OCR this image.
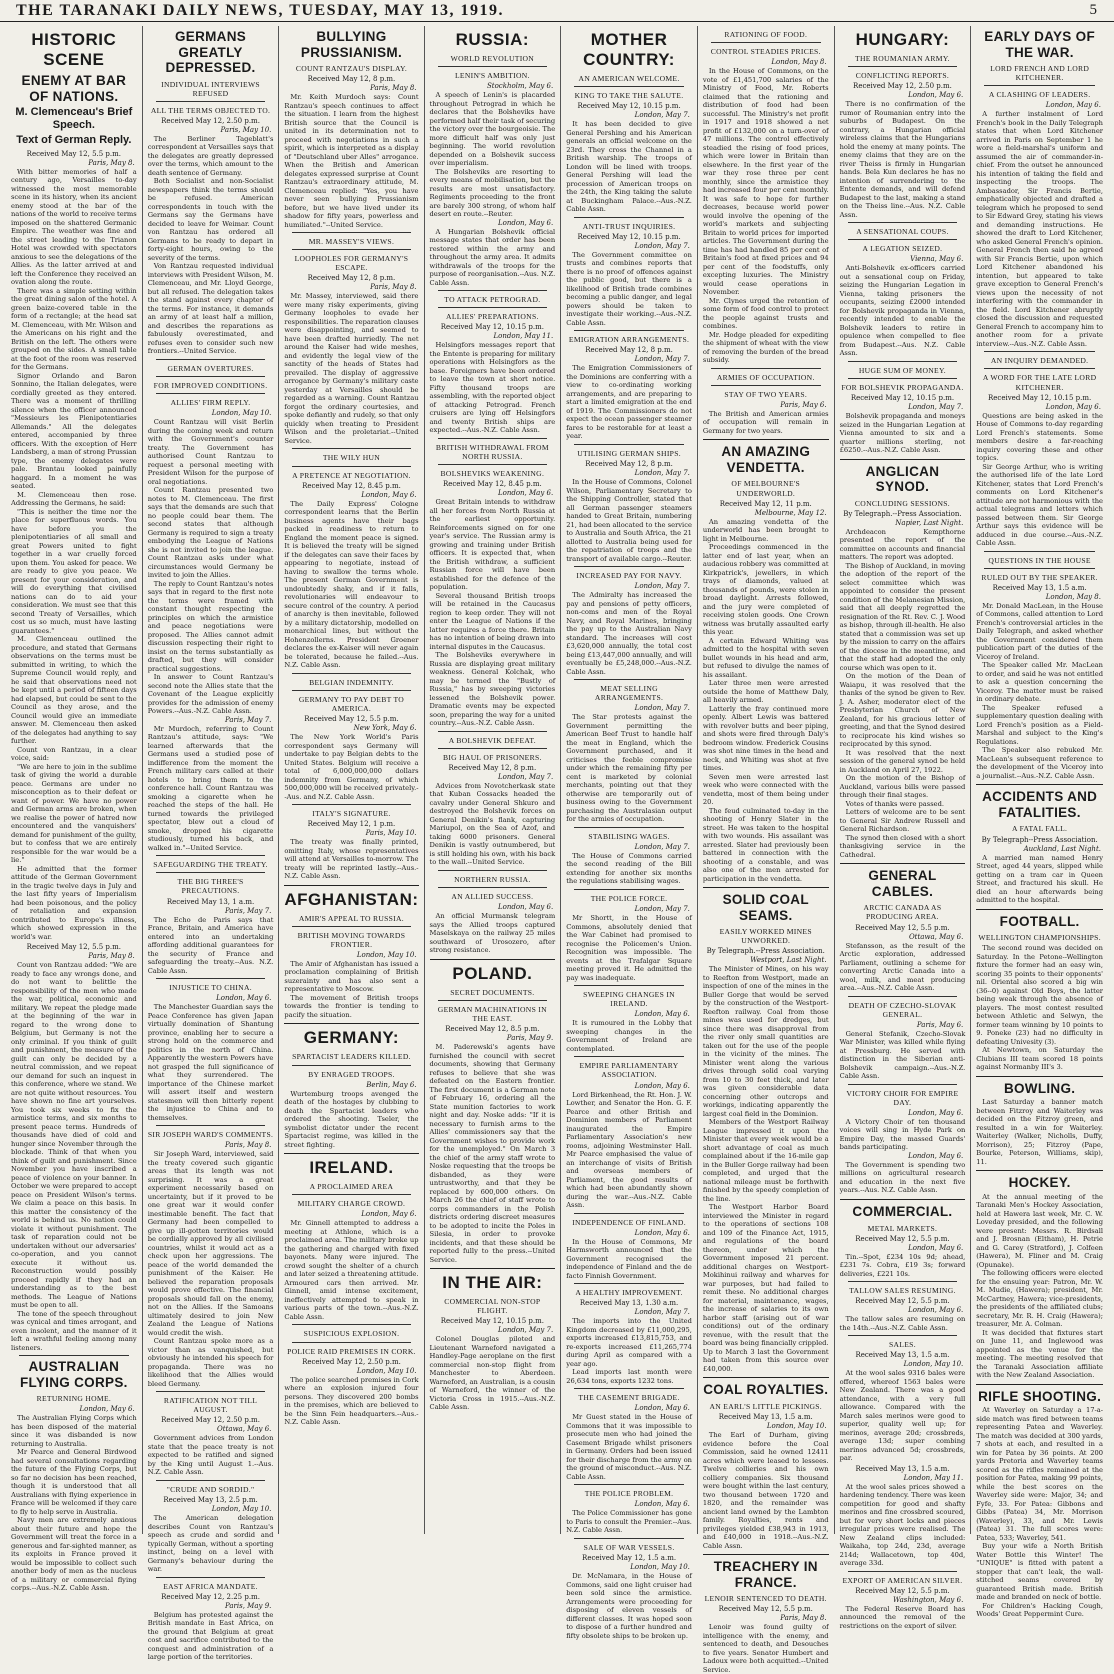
THE TARANAKI DAILY NEWS, TUESDAY, MAY 13, 1919.	5
HISTORIC SCENE
ENEMY AT BAR OF NATIONS.
M. Clemenceau's Brief Speech.
Text of German Reply.
Received May 12, 5.5 p.m.
Paris, May 8.

With bitter memories of half a century ago, Versailles to-day witnessed the most memorable scene in its history, when its ancient enemy stood at the bar of the nations of the world to receive terms imposed on the shattered Germanic Empire. The weather was fine and the street leading to the Trianon Hotel was crowded with spectators anxious to see the delegations of the Allies. As the latter arrived at and left the Conference they received an ovation along the route.

There was a simple setting within the great dining salon of the hotel. A green baize-covered table in the form of a rectangle; at the head sat M. Clemenceau, with Mr. Wilson and the Americans on his right and the British on the left. The others were grouped on the sides. A small table at the foot of the room was reserved for the Germans.

Signor Orlando and Baron Sonnino, the Italian delegates, were cordially greeted as they entered. There was a moment of thrilling silence when the officer announced "Messieurs les Plenipotentiaries Allemands." All the delegates entered, accompanied by three officers. With the exception of Herr Landsberg, a man of strong Prussian type, the enemy delegates were pale. Brantau looked painfully haggard. In a moment he was seated.

M. Clemenceau then rose. Addressing the Germans, he said:

"This is neither the time nor the place for superfluous words. You have before you the plenipotentiaries of all small and great Powers united to fight together in a war cruelly forced upon them. You asked for peace. We are ready to give you peace. We present for your consideration, and will do everything that civilised nations can do to aid your consideration. We must see that this second Treaty of Versailles, which cost us so much, must have lasting guarantees."

M. Clemenceau outlined the procedure, and stated that Germans observations on the terms must be submitted in writing, to which the Supreme Council would reply, and he said that observations need not be kept until a period of fifteen days had elapsed, but could be sent to the Council as they arose, and the Council would give an immediate answer. M. Clemenceau then asked of the delegates had anything to say further.

Count von Rantzau, in a clear voice, said:

"We are here to join in the sublime task of giving the world a durable peace. Germans are under no misconception as to their defeat or want of power. We have no power and German arms are broken, when we realise the power of hatred now encountered and the vanquishers' demand for punishment of the guilty, but to confess that we are entirely responsible for the war would be a lie."

He admitted that the former attitude of the German Government in the tragic twelve days in July and the last fifty years of Imperialism had been poisonous, and the policy of retaliation and expansion contributed to Europe's illness, which showed expression in the world's war.

Received May 12, 5.5 p.m.
Paris, May 8.

Count von Rantzau added: "We are ready to face any wrongs done, and do not want to belittle the responsibility of the men who made the war, political, economic and military. We repeat the pledge made at the beginning of the war in regard to the wrong done to Belgium, but Germany is not the only criminal. If you think of guilt and punishment, the measure of the guilt can only be decided by a neutral commission, and we repeat our demand for such an inquest in this conference, where we stand. We are not quite without resources. You have shown no fine art yourselves. You took six weeks to fix the armistice terms, and six months to present peace terms. Hundreds of thousands have died of cold and hunger since November through the blockade. Think of that when you think of guilt and punishment. Since November you have inscribed a peace of violence on your banner. In October we were prepared to accept peace on President Wilson's terms. We claim a peace on this basis. In this matter the consistency of the world is behind us. No nation could violate it without punishment. The task of reparation could not be undertaken without our adversaries' co-operation, and you cannot execute it without us. Reconstruction would possibly proceed rapidly if they had an understanding as to the best methods. The League of Nations must be open to all.

The tone of the speech throughout was cynical and times arrogant, and even insolent, and the manner of it left a wrathful feeling among many listeners.

AUSTRALIAN FLYING CORPS.
RETURNING HOME.
London, May 6.

The Australian Flying Corps which has been disposed of the material since it was disbanded is now returning to Australia.

Mr Pearce and General Birdwood had several consultations regarding the future of the Flying Corps, but so far no decision has been reached, though it is understood that all Australians with flying experience in France will be welcomed if they care to fly to help serve in Australia.

Navy men are extremely anxious about their future and hope the Government will treat the force in a generous and far-sighted manner, as its exploits in France proved it would be impossible to collect such another body of men as the nucleus of a military or commercial flying corps.--Aus.-N.Z. Cable Assn.

GERMANS GREATLY DEPRESSED.
INDIVIDUAL INTERVIEWS REFUSED
ALL THE TERMS OBJECTED TO.
Received May 12, 2.50 p.m.
Paris, May 10.

The Berliner Tageblatt's correspondent at Versailles says that the delegates are greatly depressed over the terms, which amount to the death sentence of Germany.

Both Socialist and non-Socialist newspapers think the terms should be refused. American correspondents in touch with the Germans say the Germans have decided to leave for Weimar. Count von Rantzau has ordered all Germans to be ready to depart in forty-eight hours, owing to the severity of the terms.

Von Rantzau requested individual interviews with President Wilson, M. Clemenceau, and Mr. Lloyd George, but all refused. The delegation takes the stand against every chapter of the terms. For instance, it demands an army of at least half a million, and describes the reparations as fabulously overestimated, and refuses even to consider such new frontiers.--United Service.

GERMAN OVERTURES.
FOR IMPROVED CONDITIONS.
ALLIES' FIRM REPLY.
London, May 10.

Count Rantzau will visit Berlin during the coming week and return with the Government's counter treaty. The Government has authorised Count Rantzau to request a personal meeting with President Wilson for the purpose of oral negotiations.

Count Rantzau presented two notes to M. Clemenceau. The first says that the demands are such that no people could bear them. The second states that although Germany is required to sign a treaty embodying the League of Nations she is not invited to join the league. Count Rantzau asks under what circumstances would Germany be invited to join the Allies.

The reply to Count Rantzau's notes says that in regard to the first note the terms were framed with constant thought respecting the principles on which the armistice and peace negotiations were proposed. The Allies cannot admit discussion respecting their right to insist on the terms substantially as drafted, but they will consider practical suggestions.

In answer to Count Rantzau's second note the Allies state that the Covenant of the League explicitly provides for the admission of enemy Powers.--Aus.-N.Z. Cable Assn.

Paris, May 7.

Mr Murdoch, referring to Count Rantzau's attitude, says: "We learned afterwards that the Germans used a studied pose of indifference from the moment the French military cars called at their hotels to bring them to the conference hall. Count Rantzau was smoking a cigarette when he reached the steps of the hall. He turned towards the privileged spectator, blew out a cloud of smoke, dropped his cigarette studiously, turned his back, and walked in."--United Service.

SAFEGUARDING THE TREATY.
THE BIG THREE'S PRECAUTIONS.
Received May 13, 1 a.m.
Paris, May 7.

The Echo de Paris says that France, Britain, and America have entered into an undertaking affording additional guarantees for the security of France and safeguarding the treaty.--Aus. N.Z. Cable Assn.

INJUSTICE TO CHINA.
London, May 6.

The Manchester Guardian says the Peace Conference has given Japan virtually domination of Shantung province, enabling her to secure a strong hold on the commerce and politics in the north of China. Apparently the western Powers have not grasped the full significance of what they surrendered. The importance of the Chinese market will assert itself and western statesmen will then bitterly repent the injustice to China and to themselves.

SIR JOSEPH WARD'S COMMENTS.
Paris, May 8.

Sir Joseph Ward, interviewed, said the treaty covered such gigantic areas that its length was not surprising. It was a great experiment necessarily based on uncertainty, but if it proved to be one great war it would confer inestimable benefit. The fact that Germany had been compelled to give up ill-gotten territories would be cordially approved by all civilised countries, whilst it would act as a check upon her aggressions. The peace of the world demanded the punishment of the Kaiser. He believed the reparation proposals would prove effective. The financial proposals should fall on the enemy, not on the Allies. If the Samoans ultimately desired to join New Zealand the League of Nations would credit the wish.

Count Rantzau spoke more as a victor than as vanquished, but obviously he intended his speech for propaganda. There was no likelihood that the Allies would bleed Germany.

RATIFICATION NOT TILL AUGUST.
Received May 12, 2.50 p.m.
Ottawa, May 6.

Government advices from London state that the peace treaty is not expected to be ratified and signed by the King until August 1.--Aus. N.Z. Cable Assn.

"CRUDE AND SORDID."
Received May 13, 2.5 p.m.
London, May 10.

The American delegation describes Count von Rantzau's speech as crude and sordid and typically German, without a sporting instinct, being on a level with Germany's behaviour during the war.

EAST AFRICA MANDATE.
Received May 12, 2.25 p.m.
Paris, May 9.

Belgium has protested against the British mandate in East Africa, on the ground that Belgium at great cost and sacrifice contributed to the conquest and administration of a large portion of the territories.

BULLYING PRUSSIANISM.
COUNT RANTZAU'S DISPLAY.
Received May 12, 8 p.m.
Paris, May 8.

Mr. Keith Murdoch says: Count Rantzau's speech continues to affect the situation. I learn from the highest British source that the Council is united in its determination not to proceed with negotiations in such a spirit, which is interpreted as a display of "Deutschland uber Alles" arrogance. When the British and American delegates expressed surprise at Count Rantzau's extraordinary attitude, M. Clemenceau replied: "Yes, you have never seen bullying Prussianism before, but we have lived under its shadow for fifty years, powerless and humiliated."--United Service.

MR. MASSEY'S VIEWS.
LOOPHOLES FOR GERMANY'S ESCAPE.
Received May 12, 8 p.m.
Paris, May 8.

Mr. Massey, interviewed, said there were many risky experiments, giving Germany loopholes to evade her responsibilities. The reparation clauses were disappointing, and seemed to have been drafted hurriedly. The net around the Kaiser had wide meshes, and evidently the legal view of the sanctity of the heads of States had prevailed. The display of aggressive arrogance by Germany's military caste yesterday at Versailles should be regarded as a warning. Count Rantzau forgot the ordinary courtesies, and spoke defiantly and rudely, so that only quickly when treating to President Wilson and the proletariat.--United Service.

THE WILY HUN
A PRETENCE AT NEGOTIATION.
Received May 12, 8.45 p.m.
London, May 6.

The Daily Express' Cologne correspondent learns that the Berlin business agents have their bags packed in readiness to return to England the moment peace is signed. It is believed the treaty will be signed if the delegates can save their faces by appearing to negotiate, instead of having to swallow the terms whole. The present German Government is undoubtedly shaky, and if it falls, revolutionaries will endeavour to secure control of the country. A period of anarchy is then inevitable, followed by a military dictatorship, modelled on monarchical lines, but without the Hohenzollerns. President Groener declares the ex-Kaiser will never again be tolerated, because he failed.--Aus. N.Z. Cable Assn.

BELGIAN INDEMNITY.
GERMANY TO PAY DEBT TO AMERICA.
Received May 12, 5.5 p.m.
New York, May 6.

The New York World's Paris correspondent says Germany will undertake to pay Belgian debts to the United States. Belgium will receive a total of 6,000,000,000 dollars indemnity from Germany, of which 500,000,000 will be received privately.--Aus. and N.Z. Cable Assn.

ITALY'S SIGNATURE.
Received May 12, 1 p.m.
Paris, May 10.

The treaty was finally printed, omitting Italy, whose representatives will attend at Versailles to-morrow. The treaty will be reprinted lastly.--Aus.-N.Z. Cable Assn.

AFGHANISTAN:
AMIR'S APPEAL TO RUSSIA.
BRITISH MOVING TOWARDS FRONTIER.
London, May 10.

The Amir of Afghanistan has issued a proclamation complaining of British suzerainty and has also sent a representative to Moscow.

The movement of British troops towards the frontier is tending to pacify the situation.

GERMANY:
SPARTACIST LEADERS KILLED.
BY ENRAGED TROOPS.
Berlin, May 6.

Wurtemburg troops avenged the death of the hostages by clubbing to death the Spartacist leaders who ordered the shooting. Tseler, the symbolist dictator under the recent Spartacist regime, was killed in the street fighting.

IRELAND.
A PROCLAIMED AREA
MILITARY CHARGE CROWD.
London, May 6.

Mr. Ginnell attempted to address a meeting at Athlone, which is a proclaimed area. The military broke up the gathering and charged with fixed bayonets. Many were injured. The crowd sought the shelter of a church and later seized a threatening attitude. Armoured cars then arrived. Mr. Ginnell, amid intense excitement, ineffectively attempted to speak in various parts of the town.--Aus.-N.Z. Cable Assn.

SUSPICIOUS EXPLOSION.
POLICE RAID PREMISES IN CORK.
Received May 12, 2.50 p.m.
London, May 10.

The police searched premises in Cork where an explosion injured four persons. They discovered 200 bombs in the premises, which are believed to be the Sinn Fein headquarters.--Aus.-N.Z. Cable Assn.

RUSSIA:
WORLD REVOLUTION
LENIN'S AMBITION.
Stockholm, May 6.

A speech of Lenin's is placarded throughout Petrograd in which he declares that the Bolsheviks have performed half their task of securing the victory over the bourgeoisie. The more difficult half was only just beginning. The world revolution depended on a Bolshevik success over imperialism.

The Bolsheviks are resorting to every means of mobilisation, but the results are most unsatisfactory. Regiments proceeding to the front are barely 300 strong, of whom half desert en route.--Reuter.

London, May 6.

A Hungarian Bolshevik official message states that order has been restored within the army and throughout the army area. It admits withdrawals of the troops for the purpose of reorganisation.--Aus. N.Z. Cable Assn.

TO ATTACK PETROGRAD.
ALLIES' PREPARATIONS.
Received May 12, 10.15 p.m.
London, May 11.

Helsingfors messages report that the Entente is preparing for military operations with Helsingfors as the base. Foreigners have been ordered to leave the town at short notice. Fifty thousand troops are assembling, with the reported object of attacking Petrograd. French cruisers are lying off Helsingfors and twenty British ships are expected.--Aus.-N.Z. Cable Assn.

BRITISH WITHDRAWAL FROM NORTH RUSSIA.
BOLSHEVIKS WEAKENING.
Received May 12, 8.45 p.m.
London, May 6.

Great Britain intends to withdraw all her forces from North Russia at the earliest opportunity. Reinforcements signed on for one year's service. The Russian army is growing and training under British officers. It is expected that, when the British withdraw, a sufficient Russian force will have been established for the defence of the population.

Several thousand British troops will be retained in the Caucasus region to keep order. They will not enter the League of Nations if the latter requires a force there. Britain has no intention of being drawn into internal disputes in the Caucasus.

The Bolsheviks everywhere in Russia are displaying great military weakness. General Kolchak, who may be termed the "Bustly of Russia," has by sweeping victories lessened the Bolshevik power. Dramatic events may be expected soon, preparing the way for a united country.--Aus.-N.Z. Cable Assn.

A BOLSHEVIK DEFEAT.
BIG HAUL OF PRISONERS.
Received May 12, 8 p.m.
London, May 7.

Advices from Novotcherkask state that Kuban Cossacks headed the cavalry under General Shkuro and destroyed the Bolshevik forces on General Denikin's flank, capturing Mariupol, on the Sea of Azof, and taking 6000 prisoners. General Denikin is vastly outnumbered, but is still holding his own, with his back to the wall.--United Service.

NORTHERN RUSSIA.
AN ALLIED SUCCESS.
London, May 6.

An official Murmansk telegram says the Allied troops captured Maselskaya on the railway 25 miles southward of Urosozero, after strong resistance.

POLAND.
SECRET DOCUMENTS.
GERMAN MACHINATIONS IN THE EAST.
Received May 12, 8.5 p.m.
Paris, May 9.

M. Paderewski's agents have furnished the council with secret documents, showing that Germany refuses to believe that she was defeated on the Eastern frontier. The first document is a German note of February 16, ordering all the State munition factories to work night and day. Noske adds: "If it is necessary to furnish arms to the Allies' commissioners say that the Government wishes to provide work for the unemployed." On March 3 the chief of the army staff wrote to Noske requesting that the troops be disbanded, as they were untrustworthy, and that they be replaced by 600,000 others. On March 26 the chief of staff wrote to corps commanders in the Polish districts ordering discreet measures to be adopted to incite the Poles in Silesia, in order to provoke incidents, and that these should be reported fully to the press.--United Service.

IN THE AIR:
COMMERCIAL NON-STOP FLIGHT.
Received May 12, 10.15 p.m.
London, May 7.

Colonel Douglas piloted and Lieutenant Warneford navigated a Handley-Page aeroplane on the first commercial non-stop flight from Manchester to Aberdeen. Warneford, an Australian, is a cousin of Warneford, the winner of the Victoria Cross in 1915.--Aus.-N.Z. Cable Assn.

MOTHER COUNTRY:
AN AMERICAN WELCOME.
KING TO TAKE THE SALUTE.
Received May 12, 10.15 p.m.
London, May 7.

It has been decided to give General Pershing and his American generals an official welcome on the 23rd. They cross the Channel in a British warship. The troops of London will be lined with troops. General Pershing will lead the procession of American troops on the 24th, the King taking the salute at Buckingham Palace.--Aus.-N.Z. Cable Assn.

ANTI-TRUST INQUIRIES.
Received May 12, 10.15 p.m.
London, May 7.

The Government committee on trusts and combines reports that there is no proof of offences against the public good, but there is a likelihood of British trade combines becoming a public danger, and legal powers should be taken to investigate their working.--Aus.-N.Z. Cable Assn.

EMIGRATION ARRANGEMENTS.
Received May 12, 8 p.m.
London, May 7.

The Emigration Commissioners of the Dominions are conferring with a view to co-ordinating working arrangements, and are preparing to start a limited emigration at the end of 1919. The Commissioners do not expect the ocean passenger steamer fares to be restorable for at least a year.

UTILISING GERMAN SHIPS.
Received May 12, 8 p.m.
London, May 7.

In the House of Commons, Colonel Wilson, Parliamentary Secretary to the Shipping Controller, stated that all German passenger steamers handed to Great Britain, numbering 21, had been allocated to the service to Australia and South Africa, the 21 allotted to Australia being used for the repatriation of troops and the transport of available cargo.--Reuter.

INCREASED PAY FOR NAVY.
London, May 7.

The Admiralty has increased the pay and pensions of petty officers, non-coms and men of the Royal Navy, and Royal Marines, bringing the pay up to the Australian Navy standard. The increases will cost £3,620,000 annually, the total cost being £13,447,000 annually, and will eventually be £5,248,000.--Aus.-N.Z. Cable Assn.

MEAT SELLING ARRANGEMENTS.
London, May 7.

The Star protests against the Government permitting the American Beef Trust to handle half the meat in England, which the Government purchased, and it criticises the feeble compromise under which the remaining fifty per cent is marketed by colonial merchants, pointing out that they otherwise are temporarily out of business owing to the Government purchasing the Australasian output for the armies of occupation.

STABILISING WAGES.
London, May 7.

The House of Commons carried the second reading of the Bill extending for another six months the regulations stabilising wages.

THE POLICE FORCE.
London, May 7.

Mr Shortt, in the House of Commons, absolutely denied that the War Cabinet had promised to recognise the Policemen's Union. Recognition was impossible. The events at the Trafalgar Square meeting proved it. He admitted the pay was inadequate.

SWEEPING CHANGES IN IRELAND.
London, May 6.

It is rumoured in the Lobby that sweeping changes in the Government of Ireland are contemplated.

EMPIRE PARLIAMENTARY ASSOCIATION.
London, May 6.

Lord Birkenhead, the Rt. Hon. J. W. Lowther, and Senator the Hon. G. F. Pearce and other British and Dominion members of Parliament inaugurated the Empire Parliamentary Association's new rooms, adjoining Westminster Hall. Mr Pearce emphasised the value of an interchange of visits of British and overseas members of Parliament, the good results of which had been abundantly shown during the war.--Aus.-N.Z. Cable Assn.

INDEPENDENCE OF FINLAND.
London, May 6.

In the House of Commons, Mr Harmsworth announced that the Government recognised the independence of Finland and the de facto Finnish Government.

A HEALTHY IMPROVEMENT.
Received May 13, 1.30 a.m.
London, May 7.

The imports into the United Kingdom decreased by £11,000,295, exports increased £13,815,753, and re-exports increased £11,265,774 during April as compared with a year ago.

Lead imports last month were 26,634 tons, exports 1232 tons.

THE CASEMENT BRIGADE.
London, May 6.

Mr Guest stated in the House of Commons that it was impossible to prosecute men who had joined the Casement Brigade whilst prisoners in Germany. Orders had been issued for their discharge from the army on the ground of misconduct.--Aus. N.Z. Cable Assn.

THE POLICE PROBLEM.
London, May 6.

The Police Commissioner has gone to Paris to consult the Premier.--Aus. N.Z. Cable Assn.

SALE OF WAR VESSELS.
Received May 12, 1.5 a.m.
London, May 10.

Dr. McNamara, in the House of Commons, said one light cruiser had been sold since the armistice. Arrangements were proceeding for disposing of eleven vessels of different classes. It was hoped soon to dispose of a further hundred and fifty obsolete ships to be broken up.

RATIONING OF FOOD.
CONTROL STEADIES PRICES.
London, May 8.

In the House of Commons, on the vote of £1,451,700 salaries of the Ministry of Food, Mr. Roberts claimed that the rationing and distribution of food had been successful. The Ministry's net profit in 1917 and 1918 showed a net profit of £132,000 on a turn-over of 47 millions. The control effectively steadied the rising of food prices, which were lower in Britain than elsewhere. In the first year of the war they rose three per cent monthly, since the armistice they had increased four per cent monthly. It was safe to hope for further decreases, because world power would involve the opening of the world's markets and subjecting Britain to world prices for imported articles. The Government during the time has had handled 85 per cent of Britain's food at fixed prices and 94 per cent of the foodstuffs, only excepting luxuries. The Ministry would cease operations in November.

Mr. Clynes urged the retention of some form of food control to protect the people against trusts and combines.

Mr. Hodge pleaded for expediting the shipment of wheat with the view of removing the burden of the bread subsidy.

ARMIES OF OCCUPATION.
STAY OF TWO YEARS.
Paris, May 6.

The British and American armies of occupation will remain in Germany for two years.

AN AMAZING VENDETTA.
OF MELBOURNE'S UNDERWORLD.
Received May 12, 11 p.m.
Melbourne, May 12.

An amazing vendetta of the underworld has been brought to light in Melbourne.

Proceedings commenced in the latter end of last year, when an audacious robbery was committed at Kirkpatrick's, jewellers, in which trays of diamonds, valued at thousands of pounds, were stolen in broad daylight. Arrests followed, and the jury were completed of receiving stolen goods. One Crown witness was brutally assaulted early this year.

A certain Edward Whiting was admitted to the hospital with seven bullet wounds in his head and arm, but refused to divulge the names of his assailant.

Later three men were arrested outside the home of Matthew Daly, all heavily armed.

Latterly the fray continued more openly. Albert Lewis was battered with revolver butts and beer piping, and shots were fired through Daly's bedroom window. Frederick Cousins was shot nine times in the head and neck, and Whiting was shot at five times.

Seven men were arrested last week who were connected with the vendetta, most of them being under 20.

The feud culminated to-day in the shooting of Henry Slater in the street. He was taken to the hospital with two wounds. His assailant was arrested. Slater had previously been battered in connection with the shooting of a constable, and was also one of the men arrested for participation in the vendetta.

SOLID COAL SEAMS.
EASILY WORKED MINES UNWORKED.
By Telegraph.--Press Association.
Westport, Last Night.

The Minister of Mines, on his way to Reefton from Westport, made an inspection of one of the mines in the Buller Gorge that would be served by the construction of the Westport-Reefton railway. Coal from those mines was used for dredges, but since there was disapproval from the river only small quantities are taken out for the use of the people in the vicinity of the mines. The Minister went along the various drives through solid coal varying from 10 to 30 feet thick, and later was given considerable data concerning other outcrops and workings, indicating apparently the largest coal field in the Dominion.

Members of the Westport Railway League impressed it upon the Minister that every week would be a short advantage of coal as much complained about if the 16-mile gap in the Buller Gorge railway had been completed, and urged that the national mileage must be forthwith finished by the speedy completion of the line.

The Westport Harbor Board interviewed the Minister in regard to the operations of sections 108 and 109 of the Finance Act, 1915, and regulations of the board thereon, under which the Government imposed 21 percent. additional charges on Westport-Mokihinui railway and wharves for war purposes, but had failed to remit these. No additional charges for material, maintenance, wages, the increase of salaries to its own harbor staff (arising out of war conditions) out of the ordinary revenue, with the result that the board was being financially crippled. Up to March 3 last the Government had taken from this source over £40,000.

COAL ROYALTIES.
AN EARL'S LITTLE PICKINGS.
Received May 13, 1.5 a.m.
London, May 10.

The Earl of Durham, giving evidence before the Coal Commission, said he owned 12411 acres which were leased to lessees. Twelve collieries and his own colliery companies. Six thousand were bought within the last century, two thousand between 1720 and 1820, and the remainder was ancient land owned by the Lambton family. Royalties, rents and privileges yielded £38,943 in 1913, and £40,000 in 1918.--Aus.-N.Z. Cable Assn.

TREACHERY IN FRANCE.
LENOIR SENTENCED TO DEATH.
Received May 12, 5.5 p.m.
Paris, May 8.

Lenoir was found guilty of intelligence with the enemy, and sentenced to death, and Desouches to five years. Senator Humbert and Ladoux were both acquitted.--United Service.

HUNGARY:
THE ROUMANIAN ARMY.
CONFLICTING REPORTS.
Received May 12, 2.50 p.m.
London, May 6.

There is no confirmation of the rumor of Roumanian entry into the suburbs of Budapest. On the contrary, a Hungarian official wireless claims that the Hungarians hold the enemy at many points. The enemy claims that they are on the river Theiss is firmly in Hungarian hands. Bela Kun declares he has no intention of surrendering to the Entente demands, and will defend Budapest to the last, making a stand on the Theiss line.--Aus. N.Z. Cable Assn.

A SENSATIONAL COUPS.
A LEGATION SEIZED.
Vienna, May 6.

Anti-Bolshevik ex-officers carried out a sensational coup on Friday, seizing the Hungarian Legation in Vienna, taking prisoners the occupants, seizing £2000 intended for Bolshevik propaganda in Vienna, recently intended to enable the Bolshevik leaders to retire in opulence when compelled to flee from Budapest.--Aus. N.Z. Cable Assn.

HUGE SUM OF MONEY.
FOR BOLSHEVIK PROPAGANDA.
Received May 12, 10.15 p.m.
London, May 7.

Bolshevik propaganda and moneys seized in the Hungarian Legation at Vienna amounted to six and a quarter millions sterling, not £6250.--Aus.-N.Z. Cable Assn.

ANGLICAN SYNOD.
CONCLUDING SESSIONS.
By Telegraph.--Press Association.
Napier, Last Night.

Archdeacon Kempthorne presented the report of the committee on accounts and financial matters. The report was adopted.

The Bishop of Auckland, in moving the adoption of the report of the select committee which was appointed to consider the present condition of the Melanesian Mission, said that all deeply regretted the resignation of the Rt. Rev. C. J. Wood as bishop, through ill-health. He also stated that a commission was set up by the mission to carry on the affairs of the diocese in the meantime, and that the staff had adopted the only course which was open to it.

On the motion of the Dean of Waiapu, it was resolved that the thanks of the synod be given to Rev. J. A. Asher, moderator elect of the Presbyterian Church of New Zealand, for his gracious letter of greeting, and that the Synod desired to reciprocate his kind wishes so reciprocated by this synod.

It was resolved that the next session of the general synod be held in Auckland on April 27, 1922.

On the motion of the Bishop of Auckland, various bills were passed through their final stages.

Votes of thanks were passed.

Letters of welcome are to be sent to General Sir Andrew Russell and General Richardson.

The synod then closed with a short thanksgiving service in the Cathedral.

GENERAL CABLES.
ARCTIC CANADA AS PRODUCING AREA.
Received May 12, 5.5 p.m.
Ottawa, May 6.

Stefansson, as the result of the Arctic exploration, addressed Parliament, outlining a scheme for converting Arctic Canada into a wool, milk, and meat producing area.--Aus.-N.Z. Cable Assn.

DEATH OF CZECHO-SLOVAK GENERAL.
Paris, May 6.

General Stefanik, Czecho-Slovak War Minister, was killed while flying at Pressburg. He served with distinction in the Siberian anti-Bolshevik campaign.--Aus.-N.Z. Cable Assn.

VICTORY CHOIR FOR EMPIRE DAY.
London, May 6.

A Victory Choir of ten thousand voices will sing in Hyde Park on Empire Day, the massed Guards' bands participating.

London, May 6.

The Government is spending two millions on agricultural research and education in the next five years.--Aus. N.Z. Cable Assn.

COMMERCIAL.
METAL MARKETS.
Received May 12, 5.5 p.m.
London, May 6.

Tin.--Spot, £234 10s 9d; ahead, £231 7s. Cobra, £19 3s; forward deliveries, £221 10s.

TALLOW SALES RESUMING.
Received May 12, 5.5 p.m.
London, May 6.

The tallow sales are resuming on the 14th.--Aus.-N.Z. Cable Assn.

SALES.
Received May 13, 1.5 a.m.
London, May 10.

At the wool sales 9316 bales were offered, whereof 1563 bales were New Zealand. There was a good attendance, with a very full allowance. Compared with the March sales merinos were good to superior, quality well up; for merinos, average 20d; crossbreds, average 13d; super combing merinos advanced 5d; crossbreds, par.

Received May 13, 1.5 a.m.
London, May 11.

At the wool sales prices showed a hardening tendency. There was keen competition for good and shafty merinos and fine crossbred scoured, but for very short locks and pieces irregular prices were realised. The New Zealand clips included: Waikaha, top 24d, 23d, average 214d; Wallacetown, top 40d, average 33d.

EXPORT OF AMERICAN SILVER.
Received May 12, 5.5 p.m.
Washington, May 6.

The Federal Reserve Board has announced the removal of the restrictions on the export of silver.

EARLY DAYS OF THE WAR.
LORD FRENCH AND LORD KITCHENER.
A CLASHING OF LEADERS.
London, May 6.

A further instalment of Lord French's book in the Daily Telegraph states that when Lord Kitchener arrived in Paris on September 1 he wore a field-marshal's uniform and assumed the air of commander-in-chief. From the outset he announced his intention of taking the field and inspecting the troops. The Ambassador, Sir Francis Bertie, emphatically objected and drafted a telegram which he proposed to send to Sir Edward Grey, stating his views and demanding instructions. He showed the draft to Lord Kitchener, who asked General French's opinion. General French then said he agreed with Sir Francis Bertie, upon which Lord Kitchener abandoned his intention, but appeared to take grave exception to General French's views upon the necessity of not interfering with the commander in the field. Lord Kitchener abruptly closed the discussion and requested General French to accompany him to another room for a private interview.--Aus.-N.Z. Cable Assn.

AN INQUIRY DEMANDED.
A WORD FOR THE LATE LORD KITCHENER.
Received May 12, 10.15 p.m.
London, May 6.

Questions are being asked in the House of Commons to-day regarding Lord French's statements. Some members desire a far-reaching inquiry covering these and other topics.

Sir George Arthur, who is writing the authorised life of the late Lord Kitchener, states that Lord French's comments on Lord Kitchener's attitude are not harmonious with the actual telegrams and letters which passed between them. Sir George Arthur says this evidence will be adduced in due course.--Aus.-N.Z. Cable Assn.

QUESTIONS IN THE HOUSE
RULED OUT BY THE SPEAKER.
Received May 13, 1.5 a.m.
London, May 8.

Mr. Donald MacLean, in the House of Commons, called attention to Lord French's controversial articles in the Daily Telegraph, and asked whether the Government considered them publication part of the duties of the Viceroy of Ireland.

The Speaker called Mr. MacLean to order, and said he was not entitled to ask a question concerning the Viceroy. The matter must be raised in ordinary debate.

The Speaker refused a supplementary question dealing with Lord French's position as a Field-Marshal and subject to the King's Regulations.

The Speaker also rebuked Mr. MacLean's subsequent reference to the development of the Viceroy into a journalist.--Aus.-N.Z. Cable Assn.

ACCIDENTS AND FATALITIES.
A FATAL FALL.
By Telegraph--Press Association.
Auckland, Last Night.

A married man named Henry Street, aged 44 years, slipped while getting on a tram car in Queen Street, and fractured his skull. He died an hour afterwards being admitted to the hospital.

FOOTBALL.
WELLINGTON CHAMPIONSHIPS.

The second round was decided on Saturday. In the Petone--Wellington fixture the former had an easy win, scoring 35 points to their opponents' nil. Oriental also scored a big win (36--0) against Old Boys, the latter being weak through the absence of players. The most contest resulted between Athletic and Selwyn, the former team winning by 10 points to 9. Poneke (23) had no difficulty in defeating Univesity (3).

At Newtown, on Saturday the Clubians III team scored 18 points against Normanby III's 3.

BOWLING.

Last Saturday a banner match between Fitzroy and Waiterley was decided on the Fitzroy green, and resulted in a win for Waiterley. Waiterley (Walker, Nicholls, Duffy, Morrison), 25; Fitzroy (Pape, Bourke, Peterson, Williams, skip), 11.

HOCKEY.

At the annual meeting of the Taranaki Men's Hockey Association, held at Hawera last week, Mr. C. W. Loveday presided, and the following were present: Messrs. R. Birdsall and J. Brosnan (Eltham), H. Petrie and G. Carey (Stratford), J. Colfeen (Hawera), M. Fliner and M. Craig (Opunake).

The following officers were elected for the ensuing year: Patron, Mr. W. M. Mudie, (Hawera); president, Mr. McCartney, Hawera; vice-presidents, the presidents of the affiliated clubs; secretary, Mr. R. H. Craig (Hawera); treasurer, Mr. A. Colman.

It was decided that fixtures start on June 11, and Inglewood was appointed as the venue for the meeting. The meeting resolved that the Taranaki Association affiliate with the New Zealand Association.

RIFLE SHOOTING.

At Waverley on Saturday a 17-a-side match was fired between teams representing Patea and Waverley. The match was decided at 300 yards, 7 shots at each, and resulted in a win for Patea by 36 points. At 200 yards Pretoria and Waverley teams scored as the rifles remained at the position for Patea, making 99 points, while the best scores on the Waverley side were: Major, 34; and Fyfe, 33. For Patea: Gibbons and Gibbs (Patea) 34, Mr. Morrison (Waverley), 33, and Mr. Lewis (Patea) 31. The full scores were: Patea, 533; Waverley, 541.

Buy your wife a North British Water Bottle this Winter! The "UNIQUE" is fitted with patent a stopper that can't leak, the wall-stitched seams covered by guaranteed British made. British made and branded on neck of bottle.

For Children's Hacking Cough, Woods' Great Peppermint Cure.
